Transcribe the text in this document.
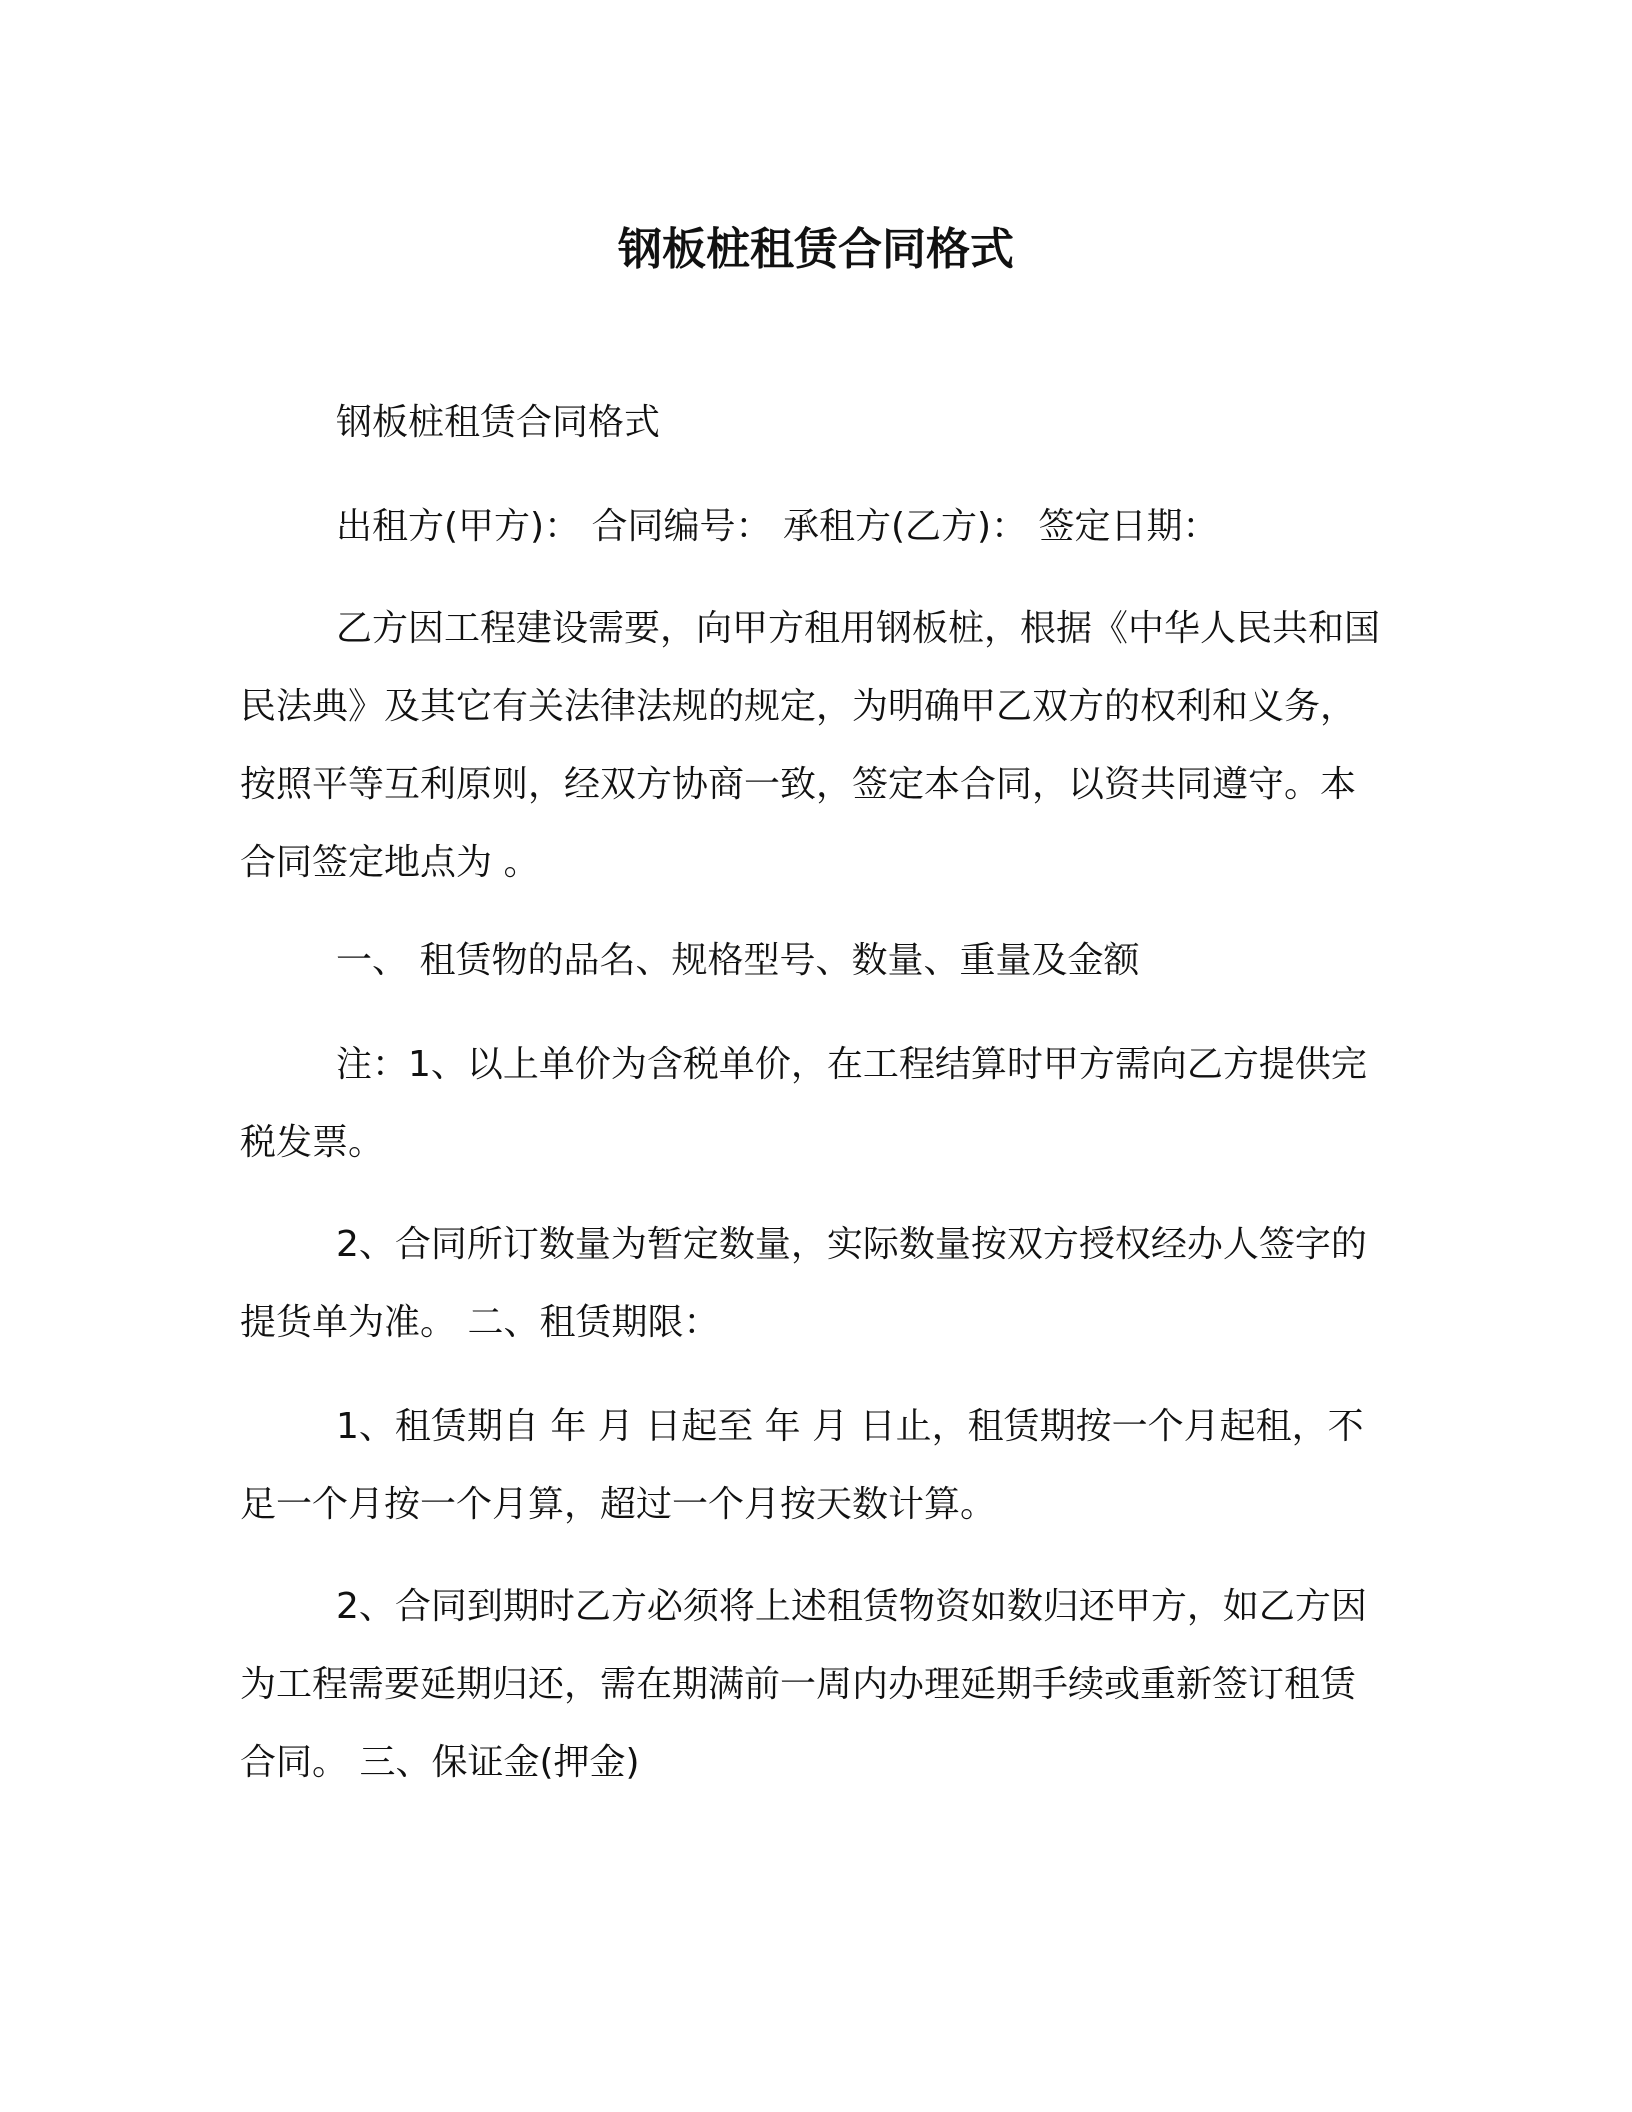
钢板桩租赁合同格式
钢板桩租赁合同格式
出租方(甲方)： 合同编号： 承租方(乙方)： 签定日期：

乙方因工程建设需要，向甲方租用钢板桩，根据《中华人民共和国民法典》及其它有关法律法规的规定，为明确甲乙双方的权利和义务，按照平等互利原则，经双方协商一致，签定本合同，以资共同遵守。本合同签定地点为 。

一、 租赁物的品名、规格型号、数量、重量及金额

注：1、以上单价为含税单价，在工程结算时甲方需向乙方提供完税发票。

2、合同所订数量为暂定数量，实际数量按双方授权经办人签字的提货单为准。 二、租赁期限：

1、租赁期自 年 月 日起至 年 月 日止，租赁期按一个月起租，不足一个月按一个月算，超过一个月按天数计算。

2、合同到期时乙方必须将上述租赁物资如数归还甲方，如乙方因为工程需要延期归还，需在期满前一周内办理延期手续或重新签订租赁合同。 三、保证金(押金)
